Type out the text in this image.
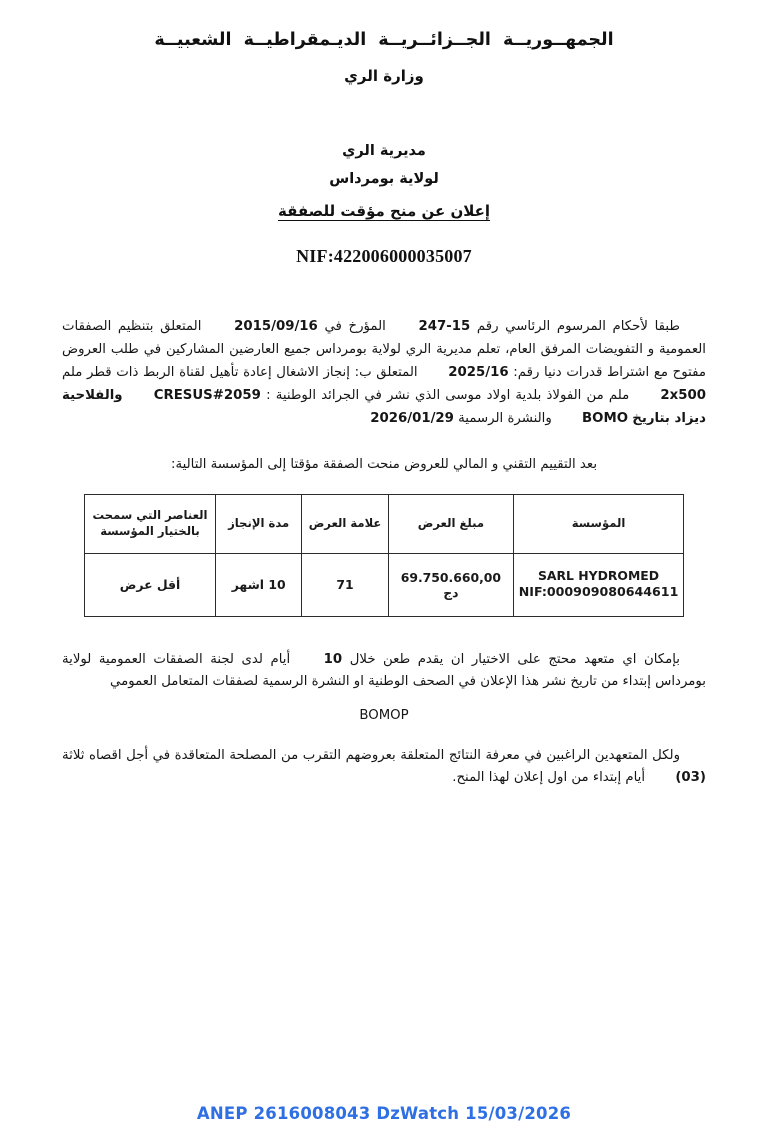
الجمهــوريــة الجــزائــريــة الديـمقراطيــة الشعبيــة
وزارة الري
مديرية الري
لولاية بومرداس
إعلان عن منح مؤقت للصفقة
NIF:422006000035007

طبقا لأحكام المرسوم الرئاسي رقم 247-15 المؤرخ في 2015/09/16 المتعلق بتنظيم الصفقات العمومية و التفويضات المرفق العام، تعلم مديرية الري لولاية بومرداس جميع العارضين المشاركين في طلب العروض مفتوح مع اشتراط قدرات دنيا رقم: 2025/16 المتعلق ب: إنجاز الاشغال إعادة تأهيل لقناة الربط ذات قطر ملم 2x500 ملم من الفولاذ بلدية اولاد موسى الذي نشر في الجرائد الوطنية : CRESUS#2059 والفلاحية ديزاد بتاريخ BOMO والنشرة الرسمية 2026/01/29

بعد التقييم التقني و المالي للعروض منحت الصفقة مؤقتا إلى المؤسسة التالية:

المؤسسة	مبلغ العرض	علامة العرض	مدة الإنجاز	العناصر التي سمحت بالختيار المؤسسة
SARL HYDROMED
NIF:000909080644611	69.750.660,00 دج	71	10 اشهر	أقل عرض

بإمكان اي متعهد محتج على الاختيار ان يقدم طعن خلال 10 أيام لدى لجنة الصفقات العمومية لولاية بومرداس إبتداء من تاريخ نشر هذا الإعلان في الصحف الوطنية او النشرة الرسمية لصفقات المتعامل العمومي

BOMOP

ولكل المتعهدين الراغبين في معرفة النتائج المتعلقة بعروضهم التقرب من المصلحة المتعاقدة في أجل اقصاه ثلاثة (03) أيام إبتداء من اول إعلان لهذا المنح.

ANEP 2616008043 DzWatch 15/03/2026
